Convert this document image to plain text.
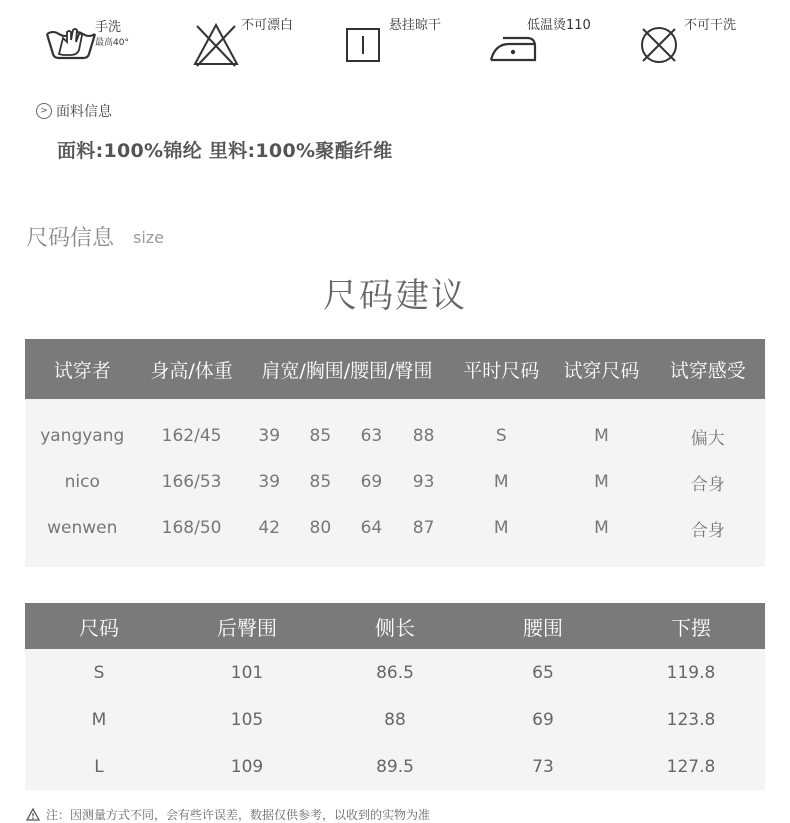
手洗
最高40°
不可漂白	悬挂晾干	低温烫110	不可干洗
> 面料信息
面料:100%锦纶 里料:100%聚酯纤维
尺码信息 size
尺码建议
试穿者	身高/体重	肩宽/胸围/腰围/臀围				平时尺码	试穿尺码	试穿感受
yangyang	162/45	39	85	63	88	S	M	偏大
nico	166/53	39	85	69	93	M	M	合身
wenwen	168/50	42	80	64	87	M	M	合身
尺码	后臀围	侧长	腰围	下摆
S	101	86.5	65	119.8
M	105	88	69	123.8
L	109	89.5	73	127.8
注：因测量方式不同，会有些许误差，数据仅供参考，以收到的实物为准
